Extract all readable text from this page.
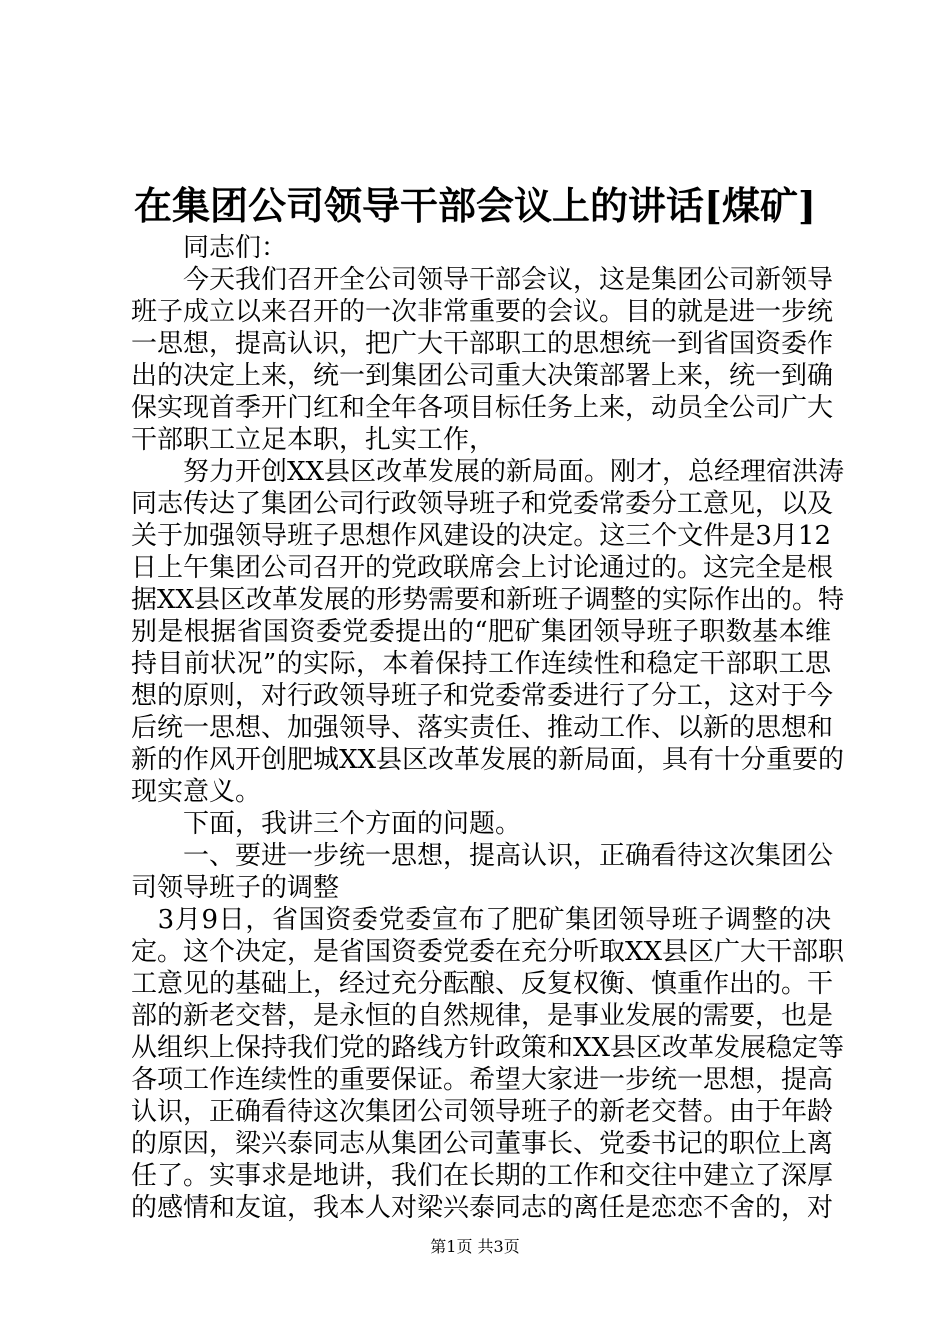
在集团公司领导干部会议上的讲话[煤矿]

　　同志们：

　　今天我们召开全公司领导干部会议，这是集团公司新领导

班子成立以来召开的一次非常重要的会议。目的就是进一步统

一思想，提高认识，把广大干部职工的思想统一到省国资委作

出的决定上来，统一到集团公司重大决策部署上来，统一到确

保实现首季开门红和全年各项目标任务上来，动员全公司广大

干部职工立足本职，扎实工作，

　　努力开创XX县区改革发展的新局面。刚才，总经理宿洪涛

同志传达了集团公司行政领导班子和党委常委分工意见，以及

关于加强领导班子思想作风建设的决定。这三个文件是3月12

日上午集团公司召开的党政联席会上讨论通过的。这完全是根

据XX县区改革发展的形势需要和新班子调整的实际作出的。特

别是根据省国资委党委提出的“肥矿集团领导班子职数基本维

持目前状况”的实际，本着保持工作连续性和稳定干部职工思

想的原则，对行政领导班子和党委常委进行了分工，这对于今

后统一思想、加强领导、落实责任、推动工作、以新的思想和

新的作风开创肥城XX县区改革发展的新局面，具有十分重要的

现实意义。

　　下面，我讲三个方面的问题。

　　一、要进一步统一思想，提高认识，正确看待这次集团公

司领导班子的调整

　3月9日，省国资委党委宣布了肥矿集团领导班子调整的决

定。这个决定，是省国资委党委在充分听取XX县区广大干部职

工意见的基础上，经过充分酝酿、反复权衡、慎重作出的。干

部的新老交替，是永恒的自然规律，是事业发展的需要，也是

从组织上保持我们党的路线方针政策和XX县区改革发展稳定等

各项工作连续性的重要保证。希望大家进一步统一思想，提高

认识，正确看待这次集团公司领导班子的新老交替。由于年龄

的原因，梁兴泰同志从集团公司董事长、党委书记的职位上离

任了。实事求是地讲，我们在长期的工作和交往中建立了深厚

的感情和友谊，我本人对梁兴泰同志的离任是恋恋不舍的，对

第1页 共3页
